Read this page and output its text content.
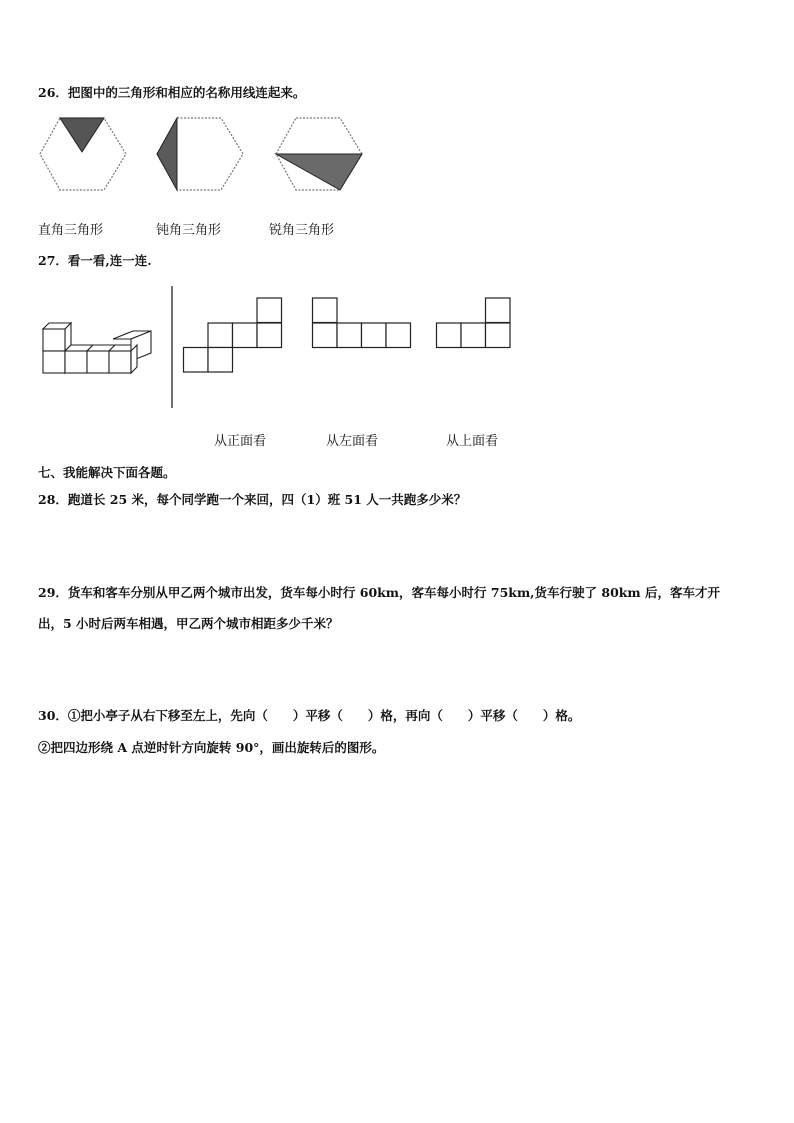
26．把图中的三角形和相应的名称用线连起来。
直角三角形	钝角三角形	锐角三角形
27．看一看,连一连.
从正面看	从左面看	从上面看
七、我能解决下面各题。
28．跑道长 25 米，每个同学跑一个来回，四（1）班 51 人一共跑多少米？
29．货车和客车分别从甲乙两个城市出发，货车每小时行 60km，客车每小时行 75km,货车行驶了 80km 后，客车才开
出，5 小时后两车相遇，甲乙两个城市相距多少千米？
30．①把小亭子从右下移至左上，先向（　　）平移（　　）格，再向（　　）平移（　　）格。
②把四边形绕 A 点逆时针方向旋转 90°，画出旋转后的图形。
